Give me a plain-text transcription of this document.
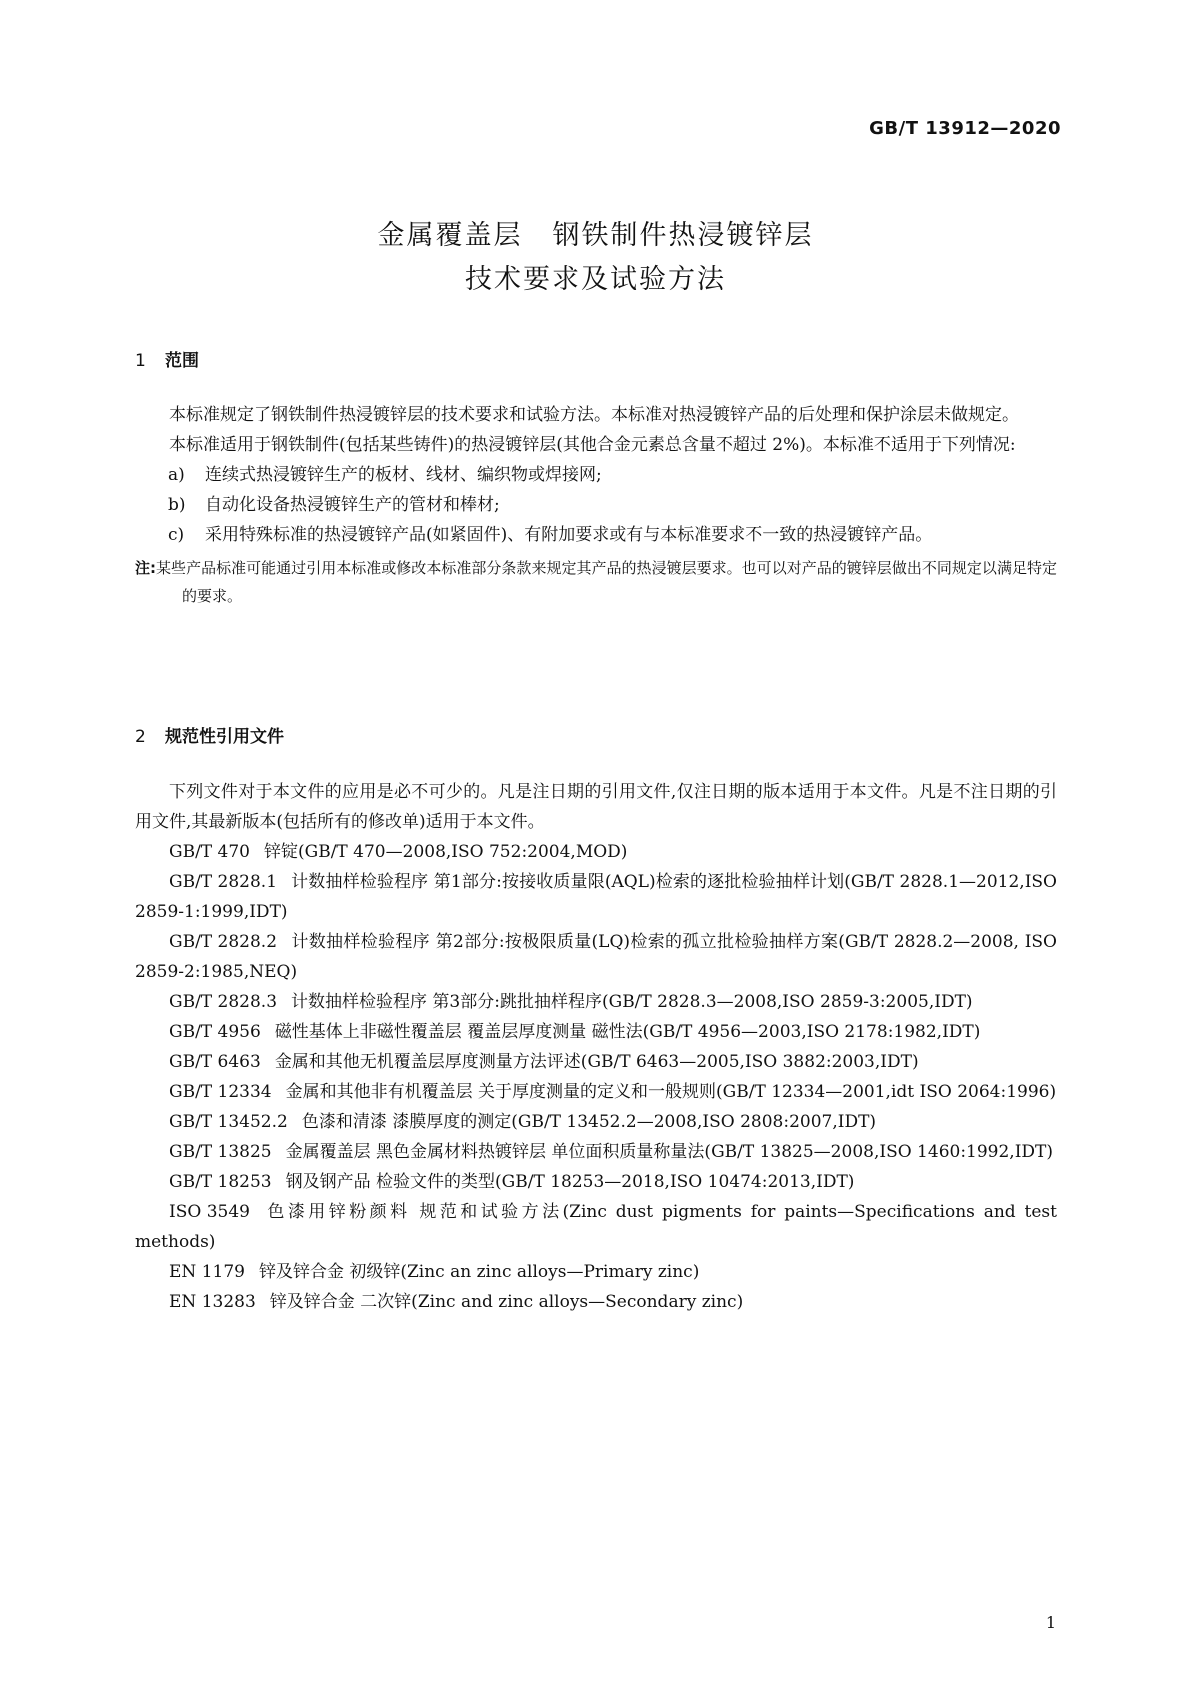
GB/T 13912—2020
金属覆盖层 钢铁制件热浸镀锌层
技术要求及试验方法
1 范围

本标准规定了钢铁制件热浸镀锌层的技术要求和试验方法。本标准对热浸镀锌产品的后处理和保护涂层未做规定。

本标准适用于钢铁制件(包括某些铸件)的热浸镀锌层(其他合金元素总含量不超过 2%)。本标准不适用于下列情况:

a) 连续式热浸镀锌生产的板材、线材、编织物或焊接网;

b) 自动化设备热浸镀锌生产的管材和棒材;

c) 采用特殊标准的热浸镀锌产品(如紧固件)、有附加要求或有与本标准要求不一致的热浸镀锌产品。

注:某些产品标准可能通过引用本标准或修改本标准部分条款来规定其产品的热浸镀层要求。也可以对产品的镀锌层做出不同规定以满足特定的要求。

2 规范性引用文件

下列文件对于本文件的应用是必不可少的。凡是注日期的引用文件,仅注日期的版本适用于本文件。凡是不注日期的引用文件,其最新版本(包括所有的修改单)适用于本文件。

GB/T 470 锌锭(GB/T 470—2008,ISO 752:2004,MOD)

GB/T 2828.1 计数抽样检验程序 第1部分:按接收质量限(AQL)检索的逐批检验抽样计划(GB/T 2828.1—2012,ISO 2859-1:1999,IDT)

GB/T 2828.2 计数抽样检验程序 第2部分:按极限质量(LQ)检索的孤立批检验抽样方案(GB/T 2828.2—2008, ISO 2859-2:1985,NEQ)

GB/T 2828.3 计数抽样检验程序 第3部分:跳批抽样程序(GB/T 2828.3—2008,ISO 2859-3:2005,IDT)

GB/T 4956 磁性基体上非磁性覆盖层 覆盖层厚度测量 磁性法(GB/T 4956—2003,ISO 2178:1982,IDT)

GB/T 6463 金属和其他无机覆盖层厚度测量方法评述(GB/T 6463—2005,ISO 3882:2003,IDT)

GB/T 12334 金属和其他非有机覆盖层 关于厚度测量的定义和一般规则(GB/T 12334—2001,idt ISO 2064:1996)

GB/T 13452.2 色漆和清漆 漆膜厚度的测定(GB/T 13452.2—2008,ISO 2808:2007,IDT)

GB/T 13825 金属覆盖层 黑色金属材料热镀锌层 单位面积质量称量法(GB/T 13825—2008,ISO 1460:1992,IDT)

GB/T 18253 钢及钢产品 检验文件的类型(GB/T 18253—2018,ISO 10474:2013,IDT)

ISO 3549 色漆用锌粉颜料 规范和试验方法(Zinc dust pigments for paints—Specifications and test methods)

EN 1179 锌及锌合金 初级锌(Zinc an zinc alloys—Primary zinc)

EN 13283 锌及锌合金 二次锌(Zinc and zinc alloys—Secondary zinc)

1
